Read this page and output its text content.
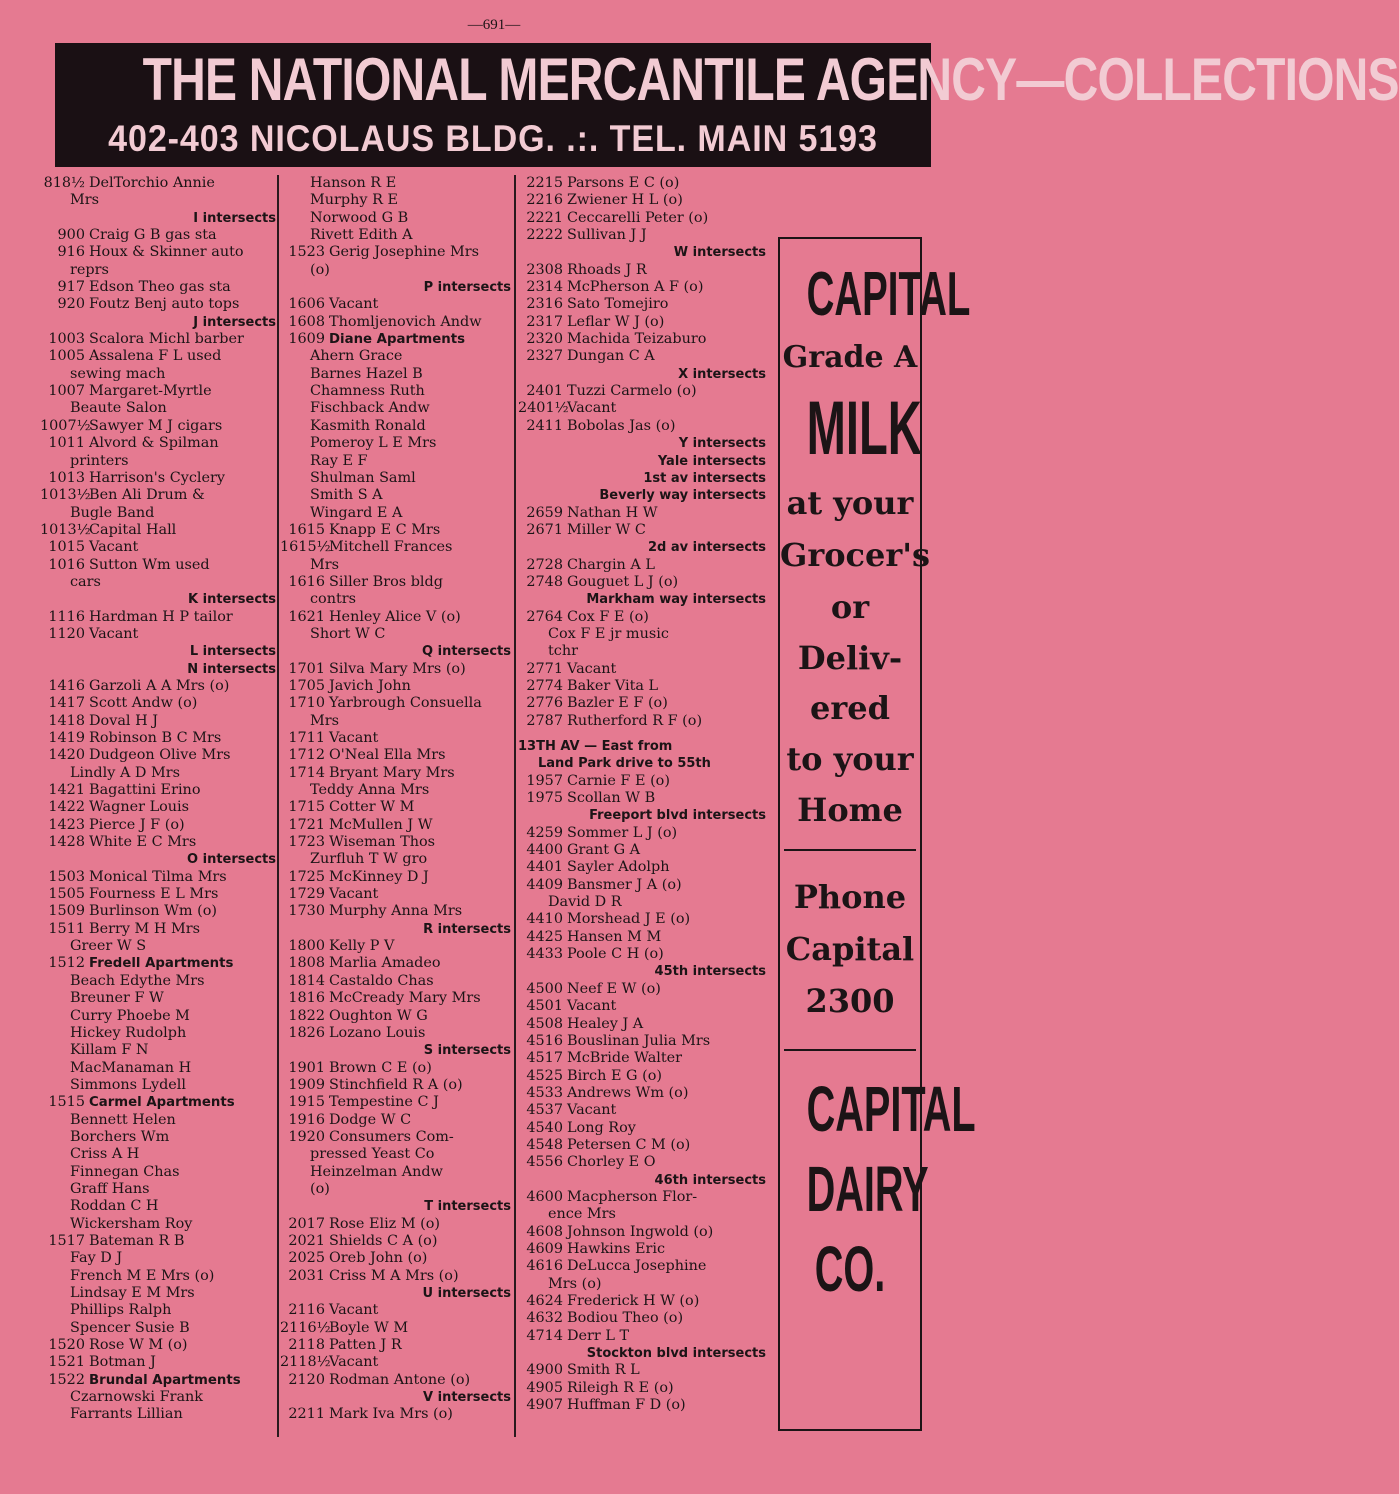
—691—
THE NATIONAL MERCANTILE AGENCY—COLLECTIONS
402-403 NICOLAUS BLDG. .:. TEL. MAIN 5193
818½ DelTorchio Annie
Mrs
I intersects
900 Craig G B gas sta
916 Houx & Skinner auto
reprs
917 Edson Theo gas sta
920 Foutz Benj auto tops
J intersects
1003 Scalora Michl barber
1005 Assalena F L used
sewing mach
1007 Margaret-Myrtle
Beaute Salon
1007½
Sawyer M J cigars
1011 Alvord & Spilman
printers
1013 Harrison's Cyclery
1013½
Ben Ali Drum &
Bugle Band
1013½
Capital Hall
1015 Vacant
1016 Sutton Wm used
cars
K intersects
1116 Hardman H P tailor
1120 Vacant
L intersects
N intersects
1416 Garzoli A A Mrs (o)
1417 Scott Andw (o)
1418 Doval H J
1419 Robinson B C Mrs
1420 Dudgeon Olive Mrs
Lindly A D Mrs
1421 Bagattini Erino
1422 Wagner Louis
1423 Pierce J F (o)
1428 White E C Mrs
O intersects
1503 Monical Tilma Mrs
1505 Fourness E L Mrs
1509 Burlinson Wm (o)
1511 Berry M H Mrs
Greer W S
1512 Fredell Apartments
Beach Edythe Mrs
Breuner F W
Curry Phoebe M
Hickey Rudolph
Killam F N
MacManaman H
Simmons Lydell
1515 Carmel Apartments
Bennett Helen
Borchers Wm
Criss A H
Finnegan Chas
Graff Hans
Roddan C H
Wickersham Roy
1517 Bateman R B
Fay D J
French M E Mrs (o)
Lindsay E M Mrs
Phillips Ralph
Spencer Susie B
1520 Rose W M (o)
1521 Botman J
1522 Brundal Apartments
Czarnowski Frank
Farrants Lillian
Hanson R E
Murphy R E
Norwood G B
Rivett Edith A
1523 Gerig Josephine Mrs
(o)
P intersects
1606 Vacant
1608 Thomljenovich Andw
1609 Diane Apartments
Ahern Grace
Barnes Hazel B
Chamness Ruth
Fischback Andw
Kasmith Ronald
Pomeroy L E Mrs
Ray E F
Shulman Saml
Smith S A
Wingard E A
1615 Knapp E C Mrs
1615½
Mitchell Frances
Mrs
1616 Siller Bros bldg
contrs
1621 Henley Alice V (o)
Short W C
Q intersects
1701 Silva Mary Mrs (o)
1705 Javich John
1710 Yarbrough Consuella
Mrs
1711 Vacant
1712 O'Neal Ella Mrs
1714 Bryant Mary Mrs
Teddy Anna Mrs
1715 Cotter W M
1721 McMullen J W
1723 Wiseman Thos
Zurfluh T W gro
1725 McKinney D J
1729 Vacant
1730 Murphy Anna Mrs
R intersects
1800 Kelly P V
1808 Marlia Amadeo
1814 Castaldo Chas
1816 McCready Mary Mrs
1822 Oughton W G
1826 Lozano Louis
S intersects
1901 Brown C E (o)
1909 Stinchfield R A (o)
1915 Tempestine C J
1916 Dodge W C
1920 Consumers Com-
pressed Yeast Co
Heinzelman Andw
(o)
T intersects
2017 Rose Eliz M (o)
2021 Shields C A (o)
2025 Oreb John (o)
2031 Criss M A Mrs (o)
U intersects
2116 Vacant
2116½
Boyle W M
2118 Patten J R
2118½
Vacant
2120 Rodman Antone (o)
V intersects
2211 Mark Iva Mrs (o)
2215 Parsons E C (o)
2216 Zwiener H L (o)
2221 Ceccarelli Peter (o)
2222 Sullivan J J
W intersects
2308 Rhoads J R
2314 McPherson A F (o)
2316 Sato Tomejiro
2317 Leflar W J (o)
2320 Machida Teizaburo
2327 Dungan C A
X intersects
2401 Tuzzi Carmelo (o)
2401½
Vacant
2411 Bobolas Jas (o)
Y intersects
Yale intersects
1st av intersects
Beverly way intersects
2659 Nathan H W
2671 Miller W C
2d av intersects
2728 Chargin A L
2748 Gouguet L J (o)
Markham way intersects
2764 Cox F E (o)
Cox F E jr music
tchr
2771 Vacant
2774 Baker Vita L
2776 Bazler E F (o)
2787 Rutherford R F (o)
13TH AV — East from
Land Park drive to 55th
1957 Carnie F E (o)
1975 Scollan W B
Freeport blvd intersects
4259 Sommer L J (o)
4400 Grant G A
4401 Sayler Adolph
4409 Bansmer J A (o)
David D R
4410 Morshead J E (o)
4425 Hansen M M
4433 Poole C H (o)
45th intersects
4500 Neef E W (o)
4501 Vacant
4508 Healey J A
4516 Bouslinan Julia Mrs
4517 McBride Walter
4525 Birch E G (o)
4533 Andrews Wm (o)
4537 Vacant
4540 Long Roy
4548 Petersen C M (o)
4556 Chorley E O
46th intersects
4600 Macpherson Flor-
ence Mrs
4608 Johnson Ingwold (o)
4609 Hawkins Eric
4616 DeLucca Josephine
Mrs (o)
4624 Frederick H W (o)
4632 Bodiou Theo (o)
4714 Derr L T
Stockton blvd intersects
4900 Smith R L
4905 Rileigh R E (o)
4907 Huffman F D (o)
CAPITAL
Grade A
MILK
at your
Grocer's
or
Deliv-
ered
to your
Home
Phone
Capital
2300
CAPITAL
DAIRY
CO.
